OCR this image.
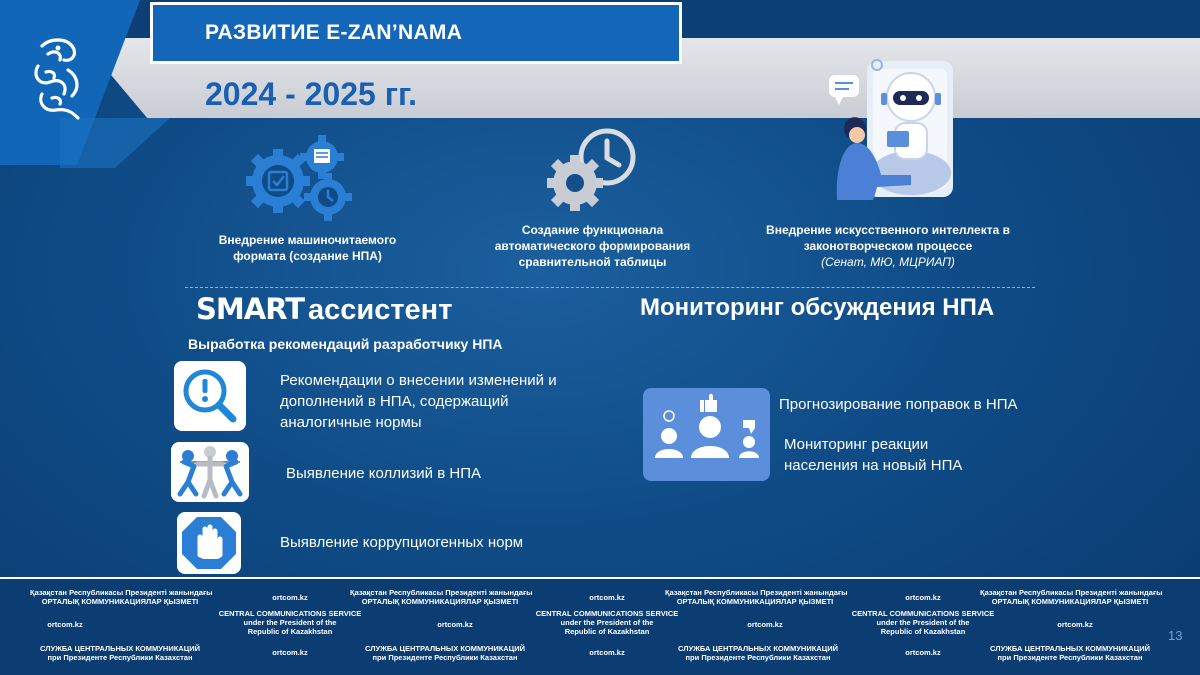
РАЗВИТИЕ E-ZAN’NAMA
2024 - 2025 гг.
Внедрение машиночитаемого формата (создание НПА)
Создание функционала автоматического формирования сравнительной таблицы
Внедрение искусственного интеллекта в законотворческом процессе
(Сенат, МЮ, МЦРИАП)
SMART ассистент
Выработка рекомендаций разработчику НПА
Рекомендации о внесении изменений и дополнений в НПА, содержащий аналогичные нормы
Выявление коллизий в НПА
Выявление коррупциогенных норм
Мониторинг обсуждения НПА
Прогнозирование поправок в НПА
Мониторинг реакции населения на новый НПА
Қазақстан Республикасы Президенті жанындағы
ОРТАЛЫҚ КОММУНИКАЦИЯЛАР ҚЫЗМЕТІ
Қазақстан Республикасы Президенті жанындағы
ОРТАЛЫҚ КОММУНИКАЦИЯЛАР ҚЫЗМЕТІ
Қазақстан Республикасы Президенті жанындағы
ОРТАЛЫҚ КОММУНИКАЦИЯЛАР ҚЫЗМЕТІ
Қазақстан Республикасы Президенті жанындағы
ОРТАЛЫҚ КОММУНИКАЦИЯЛАР ҚЫЗМЕТІ
ortcom.kz	ortcom.kz	ortcom.kz
CENTRAL COMMUNICATIONS SERVICE
under the President of the
Republic of Kazakhstan
CENTRAL COMMUNICATIONS SERVICE
under the President of the
Republic of Kazakhstan
CENTRAL COMMUNICATIONS SERVICE
under the President of the
Republic of Kazakhstan
ortcom.kz	ortcom.kz	ortcom.kz	ortcom.kz
СЛУЖБА ЦЕНТРАЛЬНЫХ КОММУНИКАЦИЙ
при Президенте Республики Казахстан
СЛУЖБА ЦЕНТРАЛЬНЫХ КОММУНИКАЦИЙ
при Президенте Республики Казахстан
СЛУЖБА ЦЕНТРАЛЬНЫХ КОММУНИКАЦИЙ
при Президенте Республики Казахстан
СЛУЖБА ЦЕНТРАЛЬНЫХ КОММУНИКАЦИЙ
при Президенте Республики Казахстан
ortcom.kz	ortcom.kz	ortcom.kz
13
